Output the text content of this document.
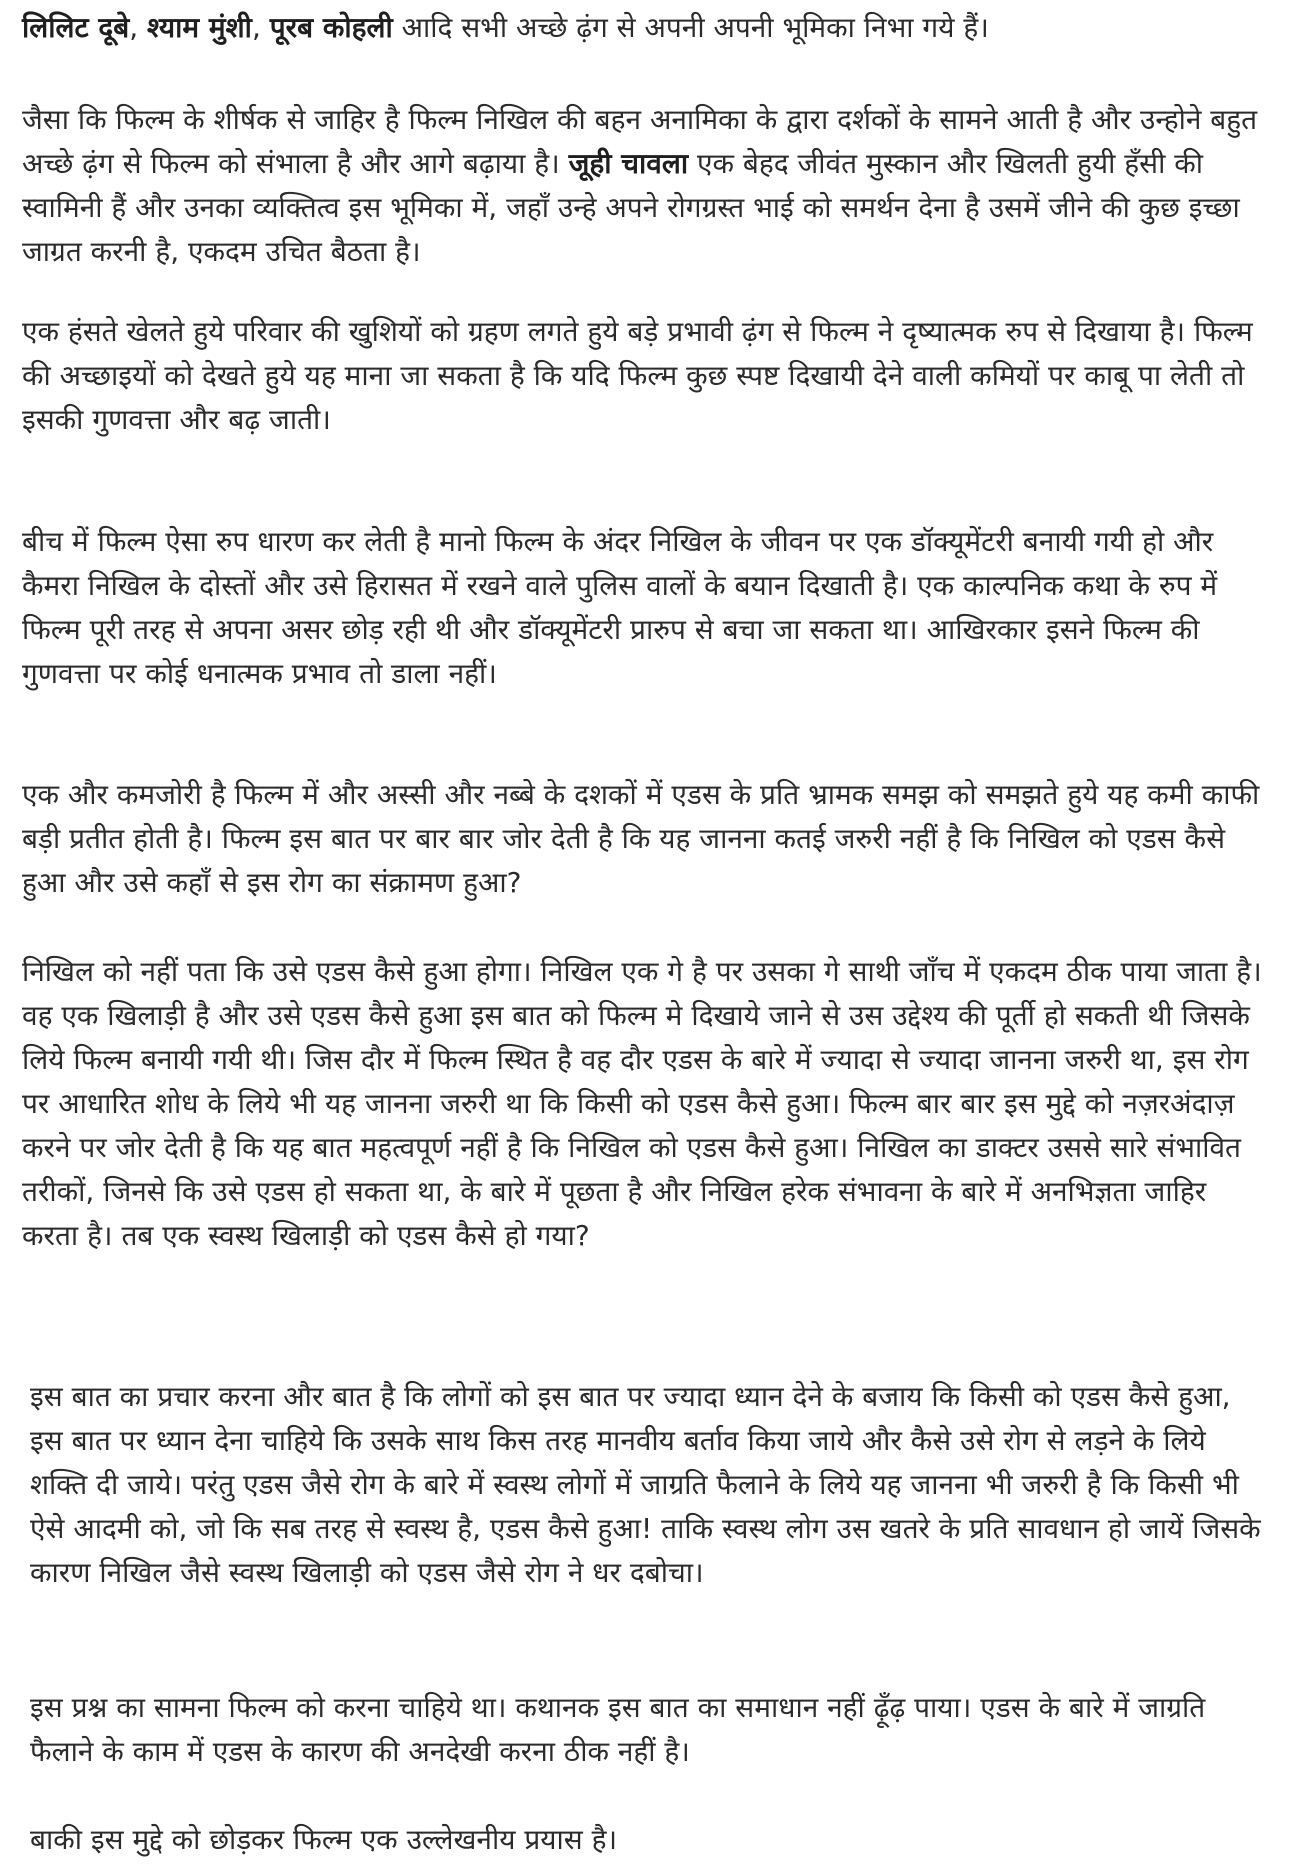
लिलिट दूबे, श्याम मुंशी, पूरब कोहली आदि सभी अच्छे ढ़ंग से अपनी अपनी भूमिका निभा गये हैं।

जैसा कि फिल्म के शीर्षक से जाहिर है फिल्म निखिल की बहन अनामिका के द्वारा दर्शकों के सामने आती है और उन्होने बहुत अच्छे ढ़ंग से फिल्म को संभाला है और आगे बढ़ाया है। जूही चावला एक बेहद जीवंत मुस्कान और खिलती हुयी हँसी की स्वामिनी हैं और उनका व्यक्तित्व इस भूमिका में, जहाँ उन्हे अपने रोगग्रस्त भाई को समर्थन देना है उसमें जीने की कुछ इच्छा जाग्रत करनी है, एकदम उचित बैठता है।

एक हंसते खेलते हुये परिवार की खुशियों को ग्रहण लगते हुये बड़े प्रभावी ढ़ंग से फिल्म ने दृष्यात्मक रुप से दिखाया है। फिल्म की अच्छाइयों को देखते हुये यह माना जा सकता है कि यदि फिल्म कुछ स्पष्ट दिखायी देने वाली कमियों पर काबू पा लेती तो इसकी गुणवत्ता और बढ़ जाती।

बीच में फिल्म ऐसा रुप धारण कर लेती है मानो फिल्म के अंदर निखिल के जीवन पर एक डॉक्यूमेंटरी बनायी गयी हो और कैमरा निखिल के दोस्तों और उसे हिरासत में रखने वाले पुलिस वालों के बयान दिखाती है। एक काल्पनिक कथा के रुप में फिल्म पूरी तरह से अपना असर छोड़ रही थी और डॉक्यूमेंटरी प्रारुप से बचा जा सकता था। आखिरकार इसने फिल्म की गुणवत्ता पर कोई धनात्मक प्रभाव तो डाला नहीं।

एक और कमजोरी है फिल्म में और अस्सी और नब्बे के दशकों में एडस के प्रति भ्रामक समझ को समझते हुये यह कमी काफी बड़ी प्रतीत होती है। फिल्म इस बात पर बार बार जोर देती है कि यह जानना कतई जरुरी नहीं है कि निखिल को एडस कैसे हुआ और उसे कहाँ से इस रोग का संक्रामण हुआ?

निखिल को नहीं पता कि उसे एडस कैसे हुआ होगा। निखिल एक गे है पर उसका गे साथी जाँच में एकदम ठीक पाया जाता है। वह एक खिलाड़ी है और उसे एडस कैसे हुआ इस बात को फिल्म मे दिखाये जाने से उस उद्देश्य की पूर्ती हो सकती थी जिसके लिये फिल्म बनायी गयी थी। जिस दौर में फिल्म स्थित है वह दौर एडस के बारे में ज्यादा से ज्यादा जानना जरुरी था, इस रोग पर आधारित शोध के लिये भी यह जानना जरुरी था कि किसी को एडस कैसे हुआ। फिल्म बार बार इस मुद्दे को नज़रअंदाज़ करने पर जोर देती है कि यह बात महत्वपूर्ण नहीं है कि निखिल को एडस कैसे हुआ। निखिल का डाक्टर उससे सारे संभावित तरीकों, जिनसे कि उसे एडस हो सकता था, के बारे में पूछता है और निखिल हरेक संभावना के बारे में अनभिज्ञता जाहिर करता है। तब एक स्वस्थ खिलाड़ी को एडस कैसे हो गया?

इस बात का प्रचार करना और बात है कि लोगों को इस बात पर ज्यादा ध्यान देने के बजाय कि किसी को एडस कैसे हुआ, इस बात पर ध्यान देना चाहिये कि उसके साथ किस तरह मानवीय बर्ताव किया जाये और कैसे उसे रोग से लड़ने के लिये शक्ति दी जाये। परंतु एडस जैसे रोग के बारे में स्वस्थ लोगों में जाग्रति फैलाने के लिये यह जानना भी जरुरी है कि किसी भी ऐसे आदमी को, जो कि सब तरह से स्वस्थ है, एडस कैसे हुआ! ताकि स्वस्थ लोग उस खतरे के प्रति सावधान हो जायें जिसके कारण निखिल जैसे स्वस्थ खिलाड़ी को एडस जैसे रोग ने धर दबोचा।

इस प्रश्न का सामना फिल्म को करना चाहिये था। कथानक इस बात का समाधान नहीं ढ़ूँढ़ पाया। एडस के बारे में जाग्रति फैलाने के काम में एडस के कारण की अनदेखी करना ठीक नहीं है।

बाकी इस मुद्दे को छोड़कर फिल्म एक उल्लेखनीय प्रयास है।
